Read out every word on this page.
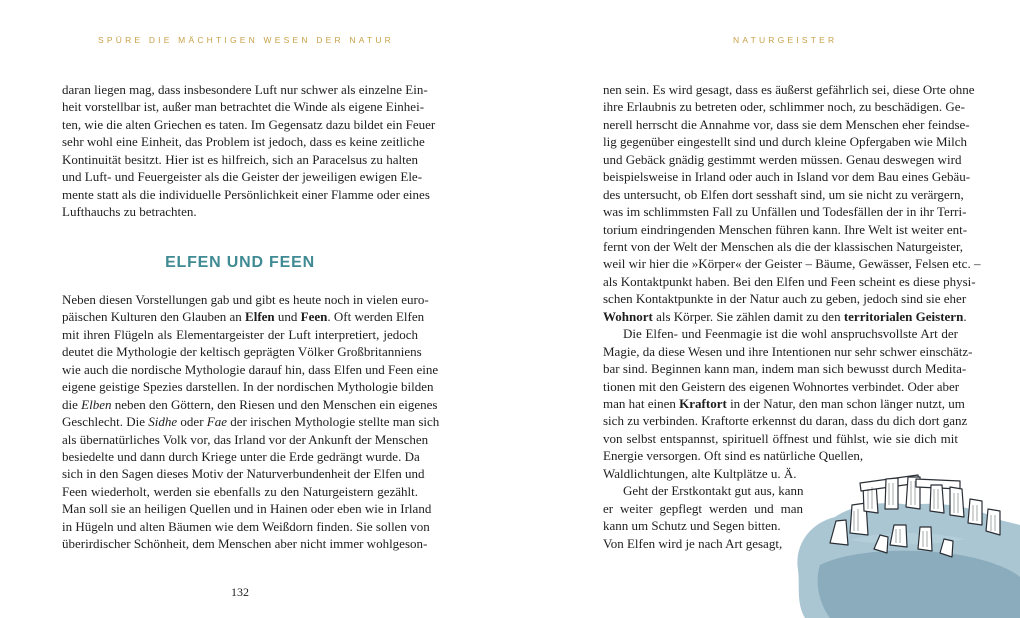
SPÜRE DIE MÄCHTIGEN WESEN DER NATUR
daran liegen mag, dass insbesondere Luft nur schwer als einzelne Ein-
heit vorstellbar ist, außer man betrachtet die Winde als eigene Einhei-
ten, wie die alten Griechen es taten. Im Gegensatz dazu bildet ein Feuer
sehr wohl eine Einheit, das Problem ist jedoch, dass es keine zeitliche
Kontinuität besitzt. Hier ist es hilfreich, sich an Paracelsus zu halten
und Luft- und Feuergeister als die Geister der jeweiligen ewigen Ele-
mente statt als die individuelle Persönlichkeit einer Flamme oder eines
Lufthauchs zu betrachten.
ELFEN UND FEEN
Neben diesen Vorstellungen gab und gibt es heute noch in vielen euro-
päischen Kulturen den Glauben an Elfen und Feen. Oft werden Elfen
mit ihren Flügeln als Elementargeister der Luft interpretiert, jedoch
deutet die Mythologie der keltisch geprägten Völker Großbritanniens
wie auch die nordische Mythologie darauf hin, dass Elfen und Feen eine
eigene geistige Spezies darstellen. In der nordischen Mythologie bilden
die Elben neben den Göttern, den Riesen und den Menschen ein eigenes
Geschlecht. Die Sidhe oder Fae der irischen Mythologie stellte man sich
als übernatürliches Volk vor, das Irland vor der Ankunft der Menschen
besiedelte und dann durch Kriege unter die Erde gedrängt wurde. Da
sich in den Sagen dieses Motiv der Naturverbundenheit der Elfen und
Feen wiederholt, werden sie ebenfalls zu den Naturgeistern gezählt.
Man soll sie an heiligen Quellen und in Hainen oder eben wie in Irland
in Hügeln und alten Bäumen wie dem Weißdorn finden. Sie sollen von
überirdischer Schönheit, dem Menschen aber nicht immer wohlgeson-
132
NATURGEISTER
nen sein. Es wird gesagt, dass es äußerst gefährlich sei, diese Orte ohne
ihre Erlaubnis zu betreten oder, schlimmer noch, zu beschädigen. Ge-
nerell herrscht die Annahme vor, dass sie dem Menschen eher feindse-
lig gegenüber eingestellt sind und durch kleine Opfergaben wie Milch
und Gebäck gnädig gestimmt werden müssen. Genau deswegen wird
beispielsweise in Irland oder auch in Island vor dem Bau eines Gebäu-
des untersucht, ob Elfen dort sesshaft sind, um sie nicht zu verärgern,
was im schlimmsten Fall zu Unfällen und Todesfällen der in ihr Terri-
torium eindringenden Menschen führen kann. Ihre Welt ist weiter ent-
fernt von der Welt der Menschen als die der klassischen Naturgeister,
weil wir hier die »Körper« der Geister – Bäume, Gewässer, Felsen etc. –
als Kontaktpunkt haben. Bei den Elfen und Feen scheint es diese physi-
schen Kontaktpunkte in der Natur auch zu geben, jedoch sind sie eher
Wohnort als Körper. Sie zählen damit zu den territorialen Geistern.
Die Elfen- und Feenmagie ist die wohl anspruchsvollste Art der
Magie, da diese Wesen und ihre Intentionen nur sehr schwer einschätz-
bar sind. Beginnen kann man, indem man sich bewusst durch Medita-
tionen mit den Geistern des eigenen Wohnortes verbindet. Oder aber
man hat einen Kraftort in der Natur, den man schon länger nutzt, um
sich zu verbinden. Kraftorte erkennst du daran, dass du dich dort ganz
von selbst entspannst, spirituell öffnest und fühlst, wie sie dich mit
Energie versorgen. Oft sind es natürliche Quellen,
Waldlichtungen, alte Kultplätze u. Ä.
Geht der Erstkontakt gut aus, kann
er weiter gepflegt werden und man
kann um Schutz und Segen bitten.
Von Elfen wird je nach Art gesagt,
